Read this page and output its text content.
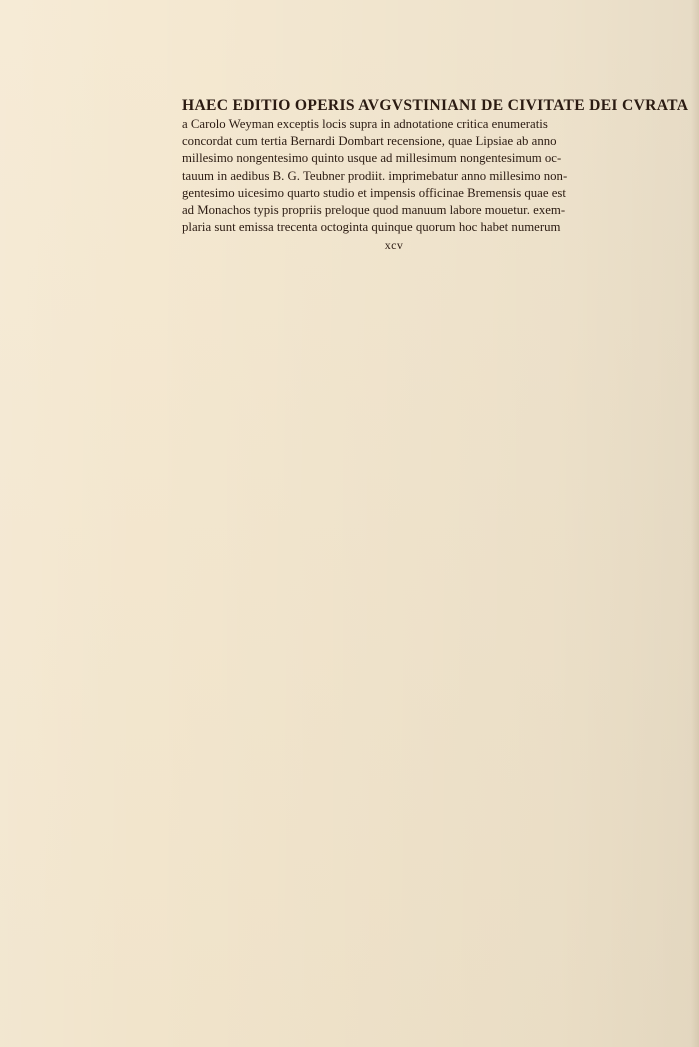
HAEC EDITIO OPERIS AVGVSTINIANI DE CIVITATE DEI CVRATA
a Carolo Weyman exceptis locis supra in adnotatione critica enumeratis
concordat cum tertia Bernardi Dombart recensione, quae Lipsiae ab anno
millesimo nongentesimo quinto usque ad millesimum nongentesimum oc-
tauum in aedibus B. G. Teubner prodiit. imprimebatur anno millesimo non-
gentesimo uicesimo quarto studio et impensis officinae Bremensis quae est
ad Monachos typis propriis preloque quod manuum labore mouetur. exem-
plaria sunt emissa trecenta octoginta quinque quorum hoc habet numerum
xcv
